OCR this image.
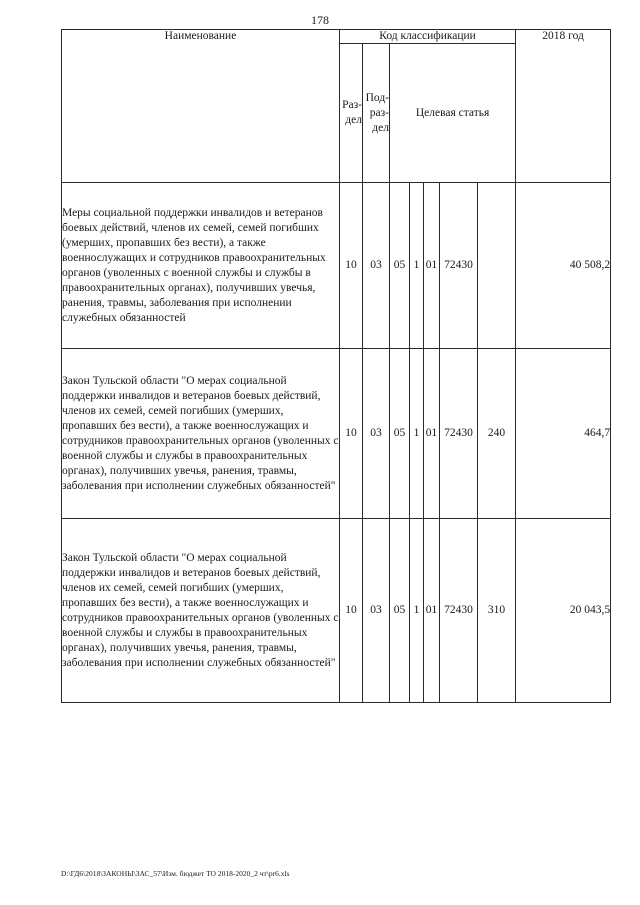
178
Наименование	Код классификации							2018 год	
	Раз-дел	Под-раз-дел	Целевая статья	
Меры социальной поддержки инвалидов и ветеранов боевых действий, членов их семей, семей погибших (умерших, пропавших без вести), а также военнослужащих и сотрудников правоохранительных органов (уволенных с военной службы и службы в правоохранительных органах), получивших увечья, ранения, травмы, заболевания при исполнении служебных обязанностей	10	03	05	1	01	72430		40 508,2	
Закон Тульской области "О мерах социальной поддержки инвалидов и ветеранов боевых действий, членов их семей, семей погибших (умерших, пропавших без вести), а также военнослужащих и сотрудников правоохранительных органов (уволенных с военной службы и службы в правоохранительных органах), получивших увечья, ранения, травмы, заболевания при исполнении служебных обязанностей"	10	03	05	1	01	72430	240	464,7	
Закон Тульской области "О мерах социальной поддержки инвалидов и ветеранов боевых действий, членов их семей, семей погибших (умерших, пропавших без вести), а также военнослужащих и сотрудников правоохранительных органов (уволенных с военной службы и службы в правоохранительных органах), получивших увечья, ранения, травмы, заболевания при исполнении служебных обязанностей"	10	03	05	1	01	72430	310	20 043,5	
D:\ГД6\2018\ЗАКОНЫ\ЗАС_57\Изм. бюджет ТО 2018-2020_2 чт\pr6.xls
